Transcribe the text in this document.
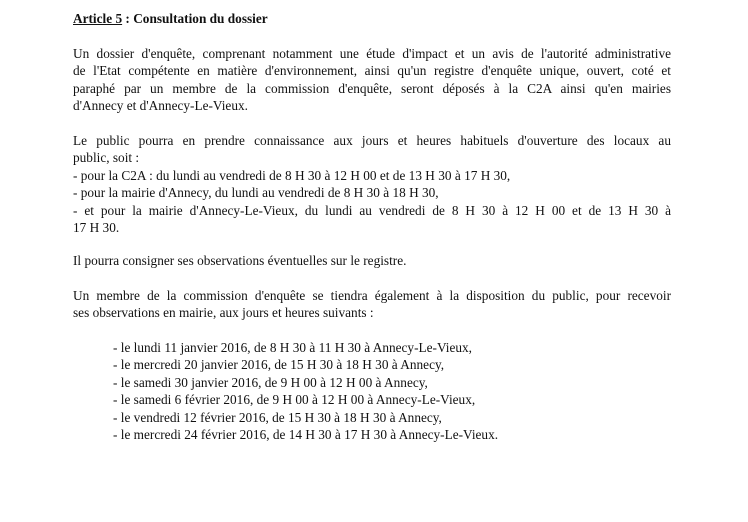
Article 5 : Consultation du dossier
Un dossier d'enquête, comprenant notamment une étude d'impact et un avis de l'autorité administrative
de l'Etat compétente en matière d'environnement, ainsi qu'un registre d'enquête unique, ouvert, coté et
paraphé par un membre de la commission d'enquête, seront déposés à la C2A ainsi qu'en mairies
d'Annecy et d'Annecy-Le-Vieux.
Le public pourra en prendre connaissance aux jours et heures habituels d'ouverture des locaux au
public, soit :
- pour la C2A : du lundi au vendredi de 8 H 30 à 12 H 00 et de 13 H 30 à 17 H 30,
- pour la mairie d'Annecy, du lundi au vendredi de 8 H 30 à 18 H 30,
- et pour la mairie d'Annecy-Le-Vieux, du lundi au vendredi de 8 H 30 à 12 H 00 et de 13 H 30 à
17 H 30.
Il pourra consigner ses observations éventuelles sur le registre.
Un membre de la commission d'enquête se tiendra également à la disposition du public, pour recevoir
ses observations en mairie, aux jours et heures suivants :
- le lundi 11 janvier 2016, de 8 H 30 à 11 H 30 à Annecy-Le-Vieux,
- le mercredi 20 janvier 2016, de 15 H 30 à 18 H 30 à Annecy,
- le samedi 30 janvier 2016, de 9 H 00 à 12 H 00 à Annecy,
- le samedi 6 février 2016, de 9 H 00 à 12 H 00 à Annecy-Le-Vieux,
- le vendredi 12 février 2016, de 15 H 30 à 18 H 30 à Annecy,
- le mercredi 24 février 2016, de 14 H 30 à 17 H 30 à Annecy-Le-Vieux.
